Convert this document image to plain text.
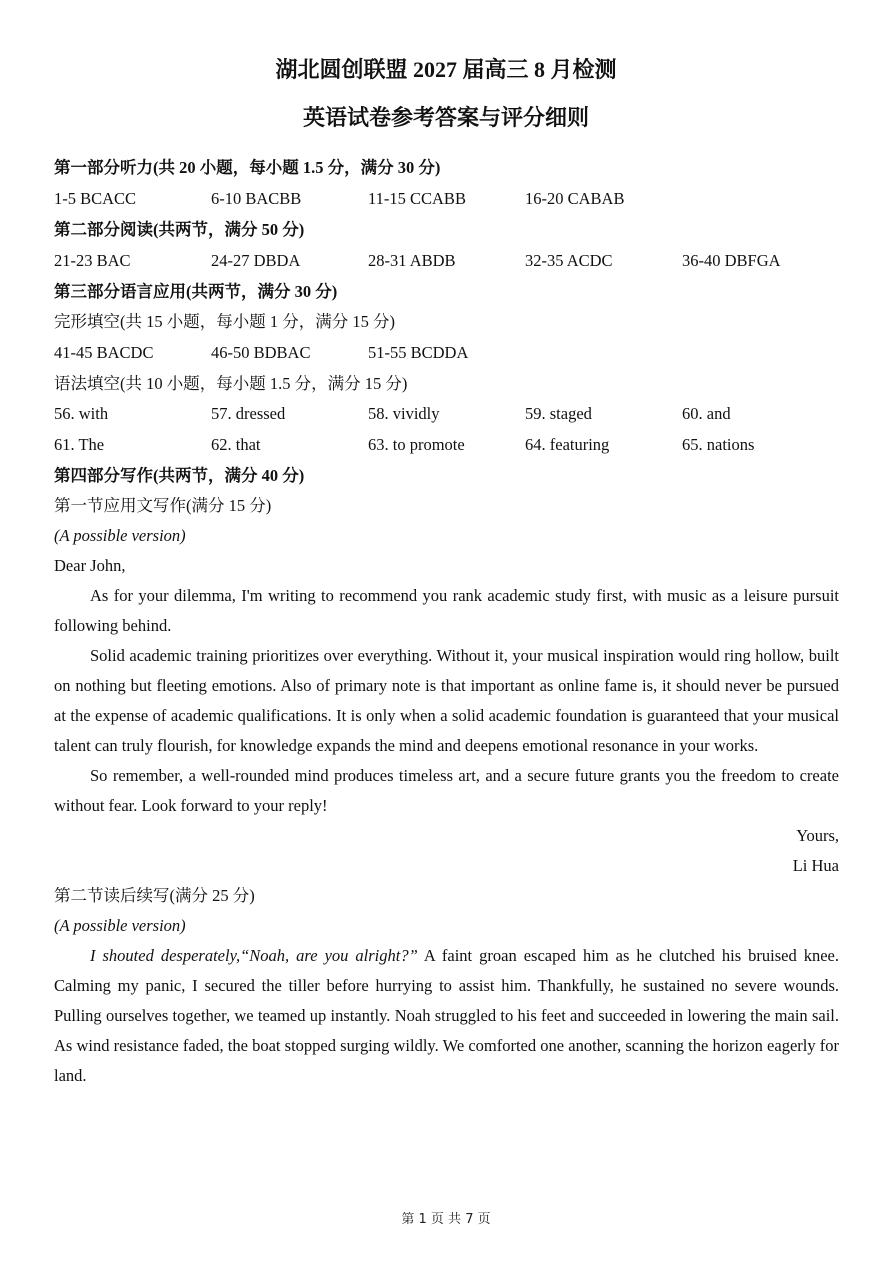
湖北圆创联盟 2027 届高三 8 月检测
英语试卷参考答案与评分细则
第一部分听力(共 20 小题，每小题 1.5 分，满分 30 分)
1-5 BCACC	6-10 BACBB	11-15 CCABB	16-20 CABAB
第二部分阅读(共两节，满分 50 分)
21-23 BAC	24-27 DBDA	28-31 ABDB	32-35 ACDC	36-40 DBFGA
第三部分语言应用(共两节，满分 30 分)
完形填空(共 15 小题，每小题 1 分，满分 15 分)
41-45 BACDC	46-50 BDBAC	51-55 BCDDA
语法填空(共 10 小题，每小题 1.5 分，满分 15 分)
56. with	57. dressed	58. vividly	59. staged	60. and
61. The	62. that	63. to promote	64. featuring	65. nations
第四部分写作(共两节，满分 40 分)
第一节应用文写作(满分 15 分)
(A possible version)
Dear John,

As for your dilemma, I'm writing to recommend you rank academic study first, with music as a leisure pursuit following behind.

Solid academic training prioritizes over everything. Without it, your musical inspiration would ring hollow, built on nothing but fleeting emotions. Also of primary note is that important as online fame is, it should never be pursued at the expense of academic qualifications. It is only when a solid academic foundation is guaranteed that your musical talent can truly flourish, for knowledge expands the mind and deepens emotional resonance in your works.

So remember, a well-rounded mind produces timeless art, and a secure future grants you the freedom to create without fear. Look forward to your reply!

Yours,
Li Hua
第二节读后续写(满分 25 分)
(A possible version)

I shouted desperately,“Noah, are you alright?” A faint groan escaped him as he clutched his bruised knee. Calming my panic, I secured the tiller before hurrying to assist him. Thankfully, he sustained no severe wounds. Pulling ourselves together, we teamed up instantly. Noah struggled to his feet and succeeded in lowering the main sail. As wind resistance faded, the boat stopped surging wildly. We comforted one another, scanning the horizon eagerly for land.

第 1 页 共 7 页
